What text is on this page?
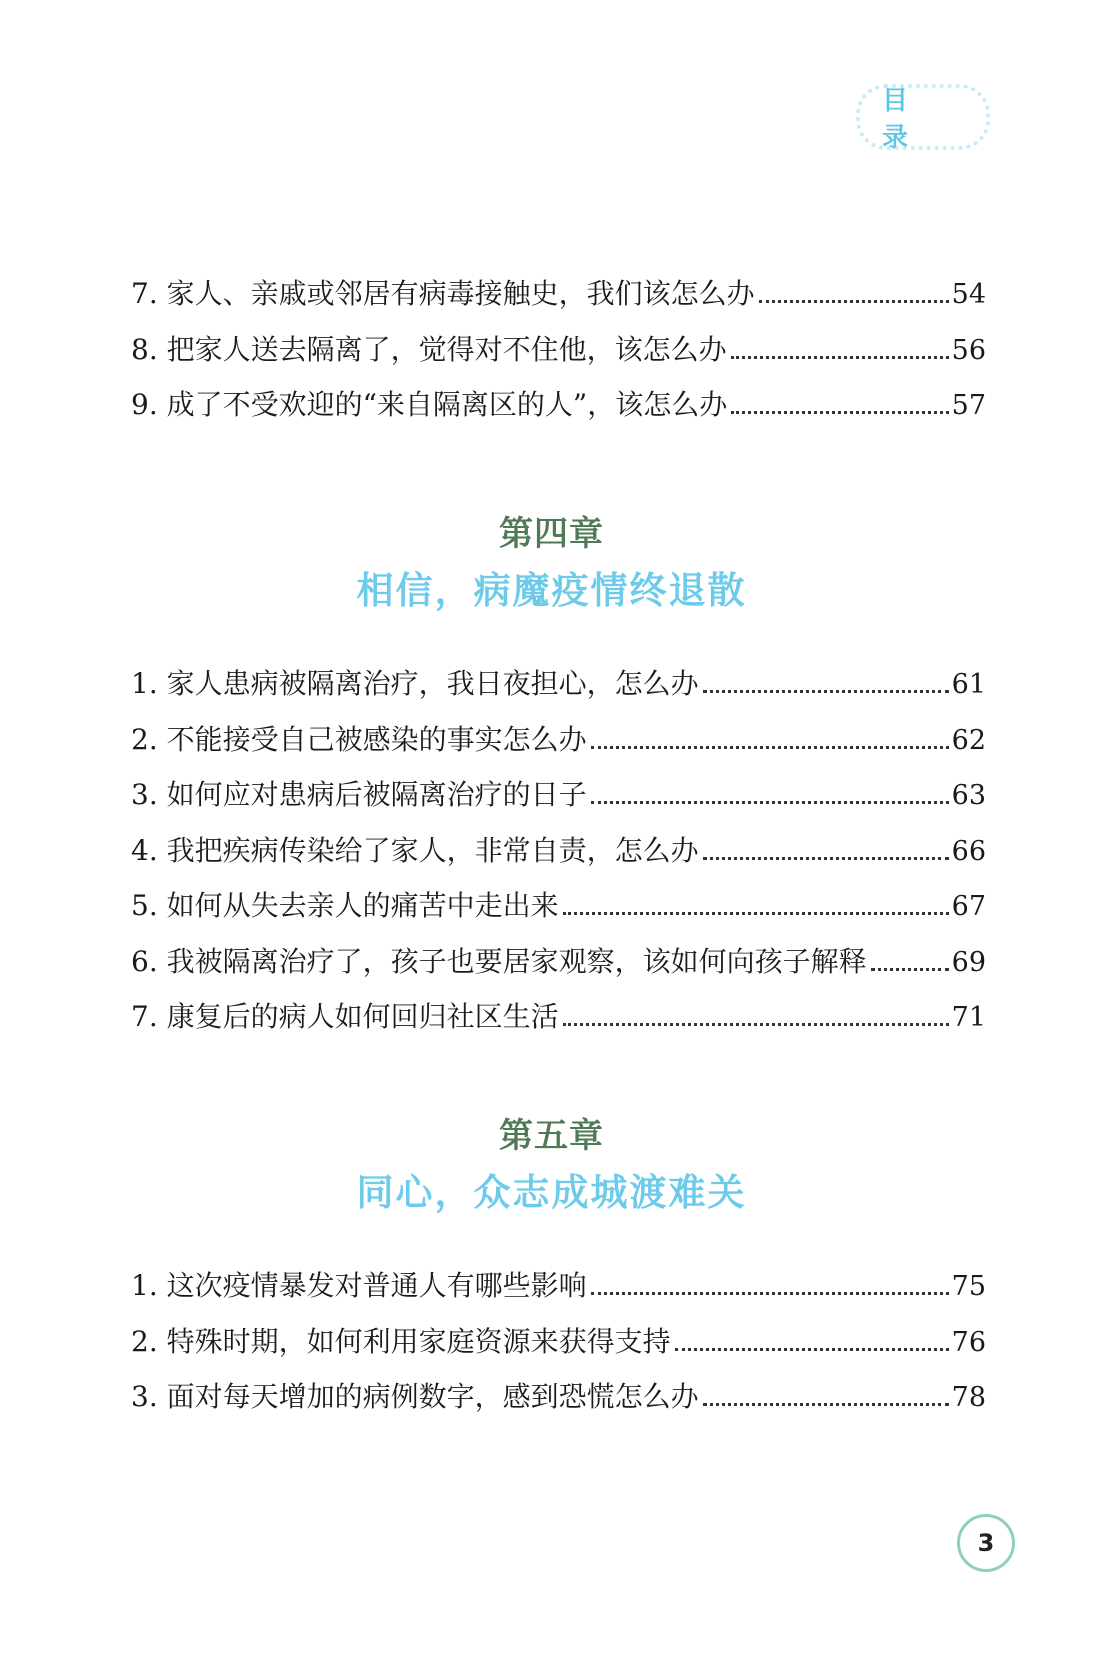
目 录
7. 家人、亲戚或邻居有病毒接触史，我们该怎么办	54
8. 把家人送去隔离了，觉得对不住他，该怎么办	56
9. 成了不受欢迎的“来自隔离区的人”，该怎么办	57
第四章
相信，病魔疫情终退散
1. 家人患病被隔离治疗，我日夜担心，怎么办	61
2. 不能接受自己被感染的事实怎么办	62
3. 如何应对患病后被隔离治疗的日子	63
4. 我把疾病传染给了家人，非常自责，怎么办	66
5. 如何从失去亲人的痛苦中走出来	67
6. 我被隔离治疗了，孩子也要居家观察，该如何向孩子解释	69
7. 康复后的病人如何回归社区生活	71
第五章
同心，众志成城渡难关
1. 这次疫情暴发对普通人有哪些影响	75
2. 特殊时期，如何利用家庭资源来获得支持	76
3. 面对每天增加的病例数字，感到恐慌怎么办	78
3
